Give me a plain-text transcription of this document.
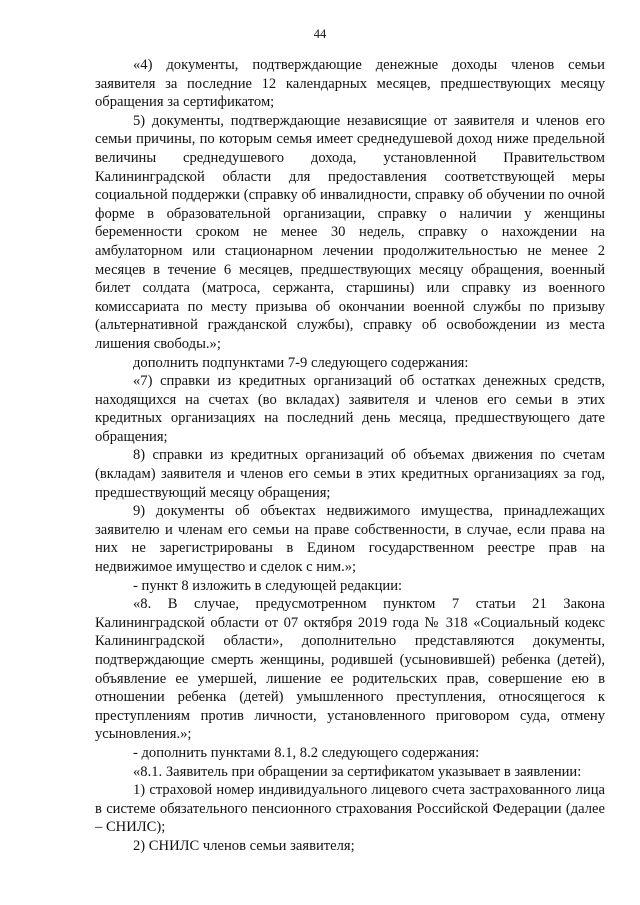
44

«4) документы, подтверждающие денежные доходы членов семьи заявителя за последние 12 календарных месяцев, предшествующих месяцу обращения за сертификатом;

5) документы, подтверждающие независящие от заявителя и членов его семьи причины, по которым семья имеет среднедушевой доход ниже предельной величины среднедушевого дохода, установленной Правительством Калининградской области для предоставления соответствующей меры социальной поддержки (справку об инвалидности, справку об обучении по очной форме в образовательной организации, справку о наличии у женщины беременности сроком не менее 30 недель, справку о нахождении на амбулаторном или стационарном лечении продолжительностью не менее 2 месяцев в течение 6 месяцев, предшествующих месяцу обращения, военный билет солдата (матроса, сержанта, старшины) или справку из военного комиссариата по месту призыва об окончании военной службы по призыву (альтернативной гражданской службы), справку об освобождении из места лишения свободы.»;

дополнить подпунктами 7-9 следующего содержания:

«7) справки из кредитных организаций об остатках денежных средств, находящихся на счетах (во вкладах) заявителя и членов его семьи в этих кредитных организациях на последний день месяца, предшествующего дате обращения;

8) справки из кредитных организаций об объемах движения по счетам (вкладам) заявителя и членов его семьи в этих кредитных организациях за год, предшествующий месяцу обращения;

9) документы об объектах недвижимого имущества, принадлежащих заявителю и членам его семьи на праве собственности, в случае, если права на них не зарегистрированы в Едином государственном реестре прав на недвижимое имущество и сделок с ним.»;

- пункт 8 изложить в следующей редакции:

«8. В случае, предусмотренном пунктом 7 статьи 21 Закона Калининградской области от 07 октября 2019 года № 318 «Социальный кодекс Калининградской области», дополнительно представляются документы, подтверждающие смерть женщины, родившей (усыновившей) ребенка (детей), объявление ее умершей, лишение ее родительских прав, совершение ею в отношении ребенка (детей) умышленного преступления, относящегося к преступлениям против личности, установленного приговором суда, отмену усыновления.»;

- дополнить пунктами 8.1, 8.2 следующего содержания:

«8.1. Заявитель при обращении за сертификатом указывает в заявлении:

1) страховой номер индивидуального лицевого счета застрахованного лица в системе обязательного пенсионного страхования Российской Федерации (далее – СНИЛС);

2) СНИЛС членов семьи заявителя;
